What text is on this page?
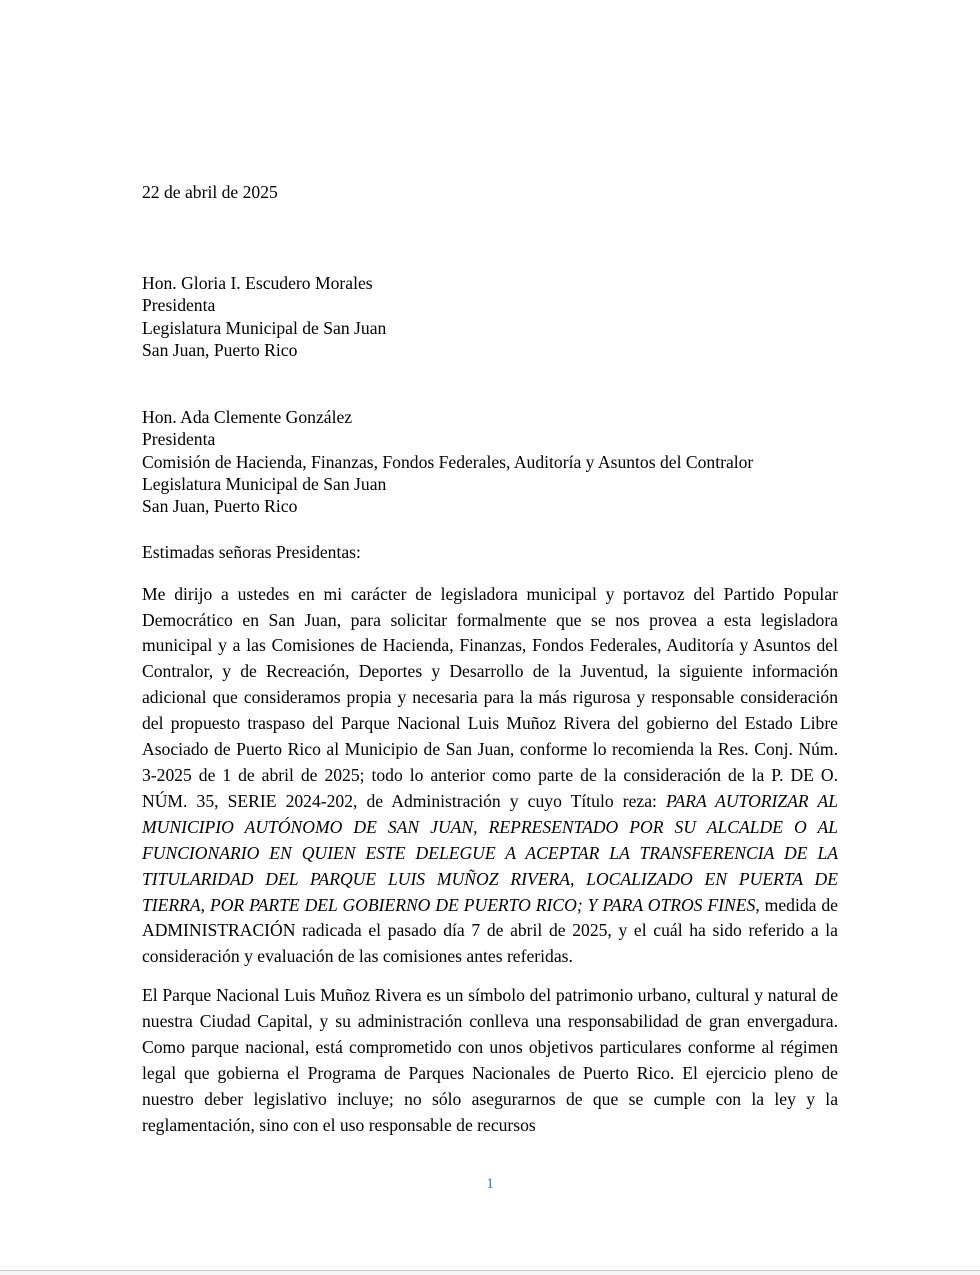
22 de abril de 2025
Hon. Gloria I. Escudero Morales
Presidenta
Legislatura Municipal de San Juan
San Juan, Puerto Rico
Hon. Ada Clemente González
Presidenta
Comisión de Hacienda, Finanzas, Fondos Federales, Auditoría y Asuntos del Contralor
Legislatura Municipal de San Juan
San Juan, Puerto Rico

Estimadas señoras Presidentas:

Me dirijo a ustedes en mi carácter de legisladora municipal y portavoz del Partido Popular Democrático en San Juan, para solicitar formalmente que se nos provea a esta legisladora municipal y a las Comisiones de Hacienda, Finanzas, Fondos Federales, Auditoría y Asuntos del Contralor, y de Recreación, Deportes y Desarrollo de la Juventud, la siguiente información adicional que consideramos propia y necesaria para la más rigurosa y responsable consideración del propuesto traspaso del Parque Nacional Luis Muñoz Rivera del gobierno del Estado Libre Asociado de Puerto Rico al Municipio de San Juan, conforme lo recomienda la Res. Conj. Núm. 3-2025 de 1 de abril de 2025; todo lo anterior como parte de la consideración de la P. DE O. NÚM. 35, SERIE 2024-202, de Administración y cuyo Título reza: PARA AUTORIZAR AL MUNICIPIO AUTÓNOMO DE SAN JUAN, REPRESENTADO POR SU ALCALDE O AL FUNCIONARIO EN QUIEN ESTE DELEGUE A ACEPTAR LA TRANSFERENCIA DE LA TITULARIDAD DEL PARQUE LUIS MUÑOZ RIVERA, LOCALIZADO EN PUERTA DE TIERRA, POR PARTE DEL GOBIERNO DE PUERTO RICO; Y PARA OTROS FINES, medida de ADMINISTRACIÓN radicada el pasado día 7 de abril de 2025, y el cuál ha sido referido a la consideración y evaluación de las comisiones antes referidas.

El Parque Nacional Luis Muñoz Rivera es un símbolo del patrimonio urbano, cultural y natural de nuestra Ciudad Capital, y su administración conlleva una responsabilidad de gran envergadura. Como parque nacional, está comprometido con unos objetivos particulares conforme al régimen legal que gobierna el Programa de Parques Nacionales de Puerto Rico. El ejercicio pleno de nuestro deber legislativo incluye; no sólo asegurarnos de que se cumple con la ley y la reglamentación, sino con el uso responsable de recursos

1
